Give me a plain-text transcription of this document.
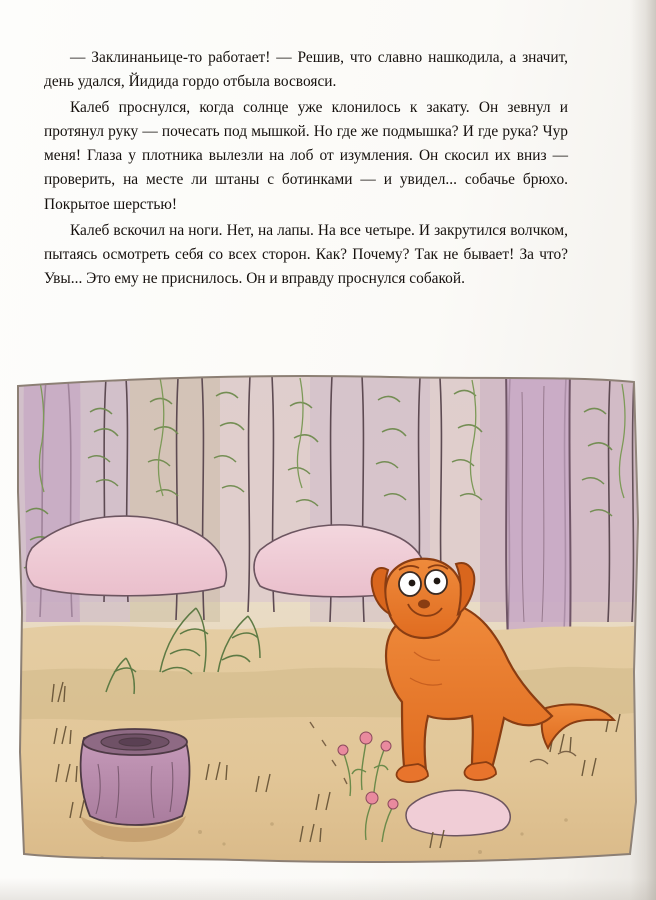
— Заклинаньице-то работает! — Решив, что славно нашкодила, а значит, день удался, Йидида гордо отбыла восвояси.

Калеб проснулся, когда солнце уже клонилось к закату. Он зевнул и протянул руку — почесать под мышкой. Но где же подмышка? И где рука? Чур меня! Глаза у плотника вылезли на лоб от изумления. Он скосил их вниз — проверить, на месте ли штаны с ботинками — и увидел... собачье брюхо. Покрытое шерстью!

Калеб вскочил на ноги. Нет, на лапы. На все четыре. И закрутился волчком, пытаясь осмотреть себя со всех сторон. Как? Почему? Так не бывает! За что? Увы... Это ему не приснилось. Он и вправду проснулся собакой.
